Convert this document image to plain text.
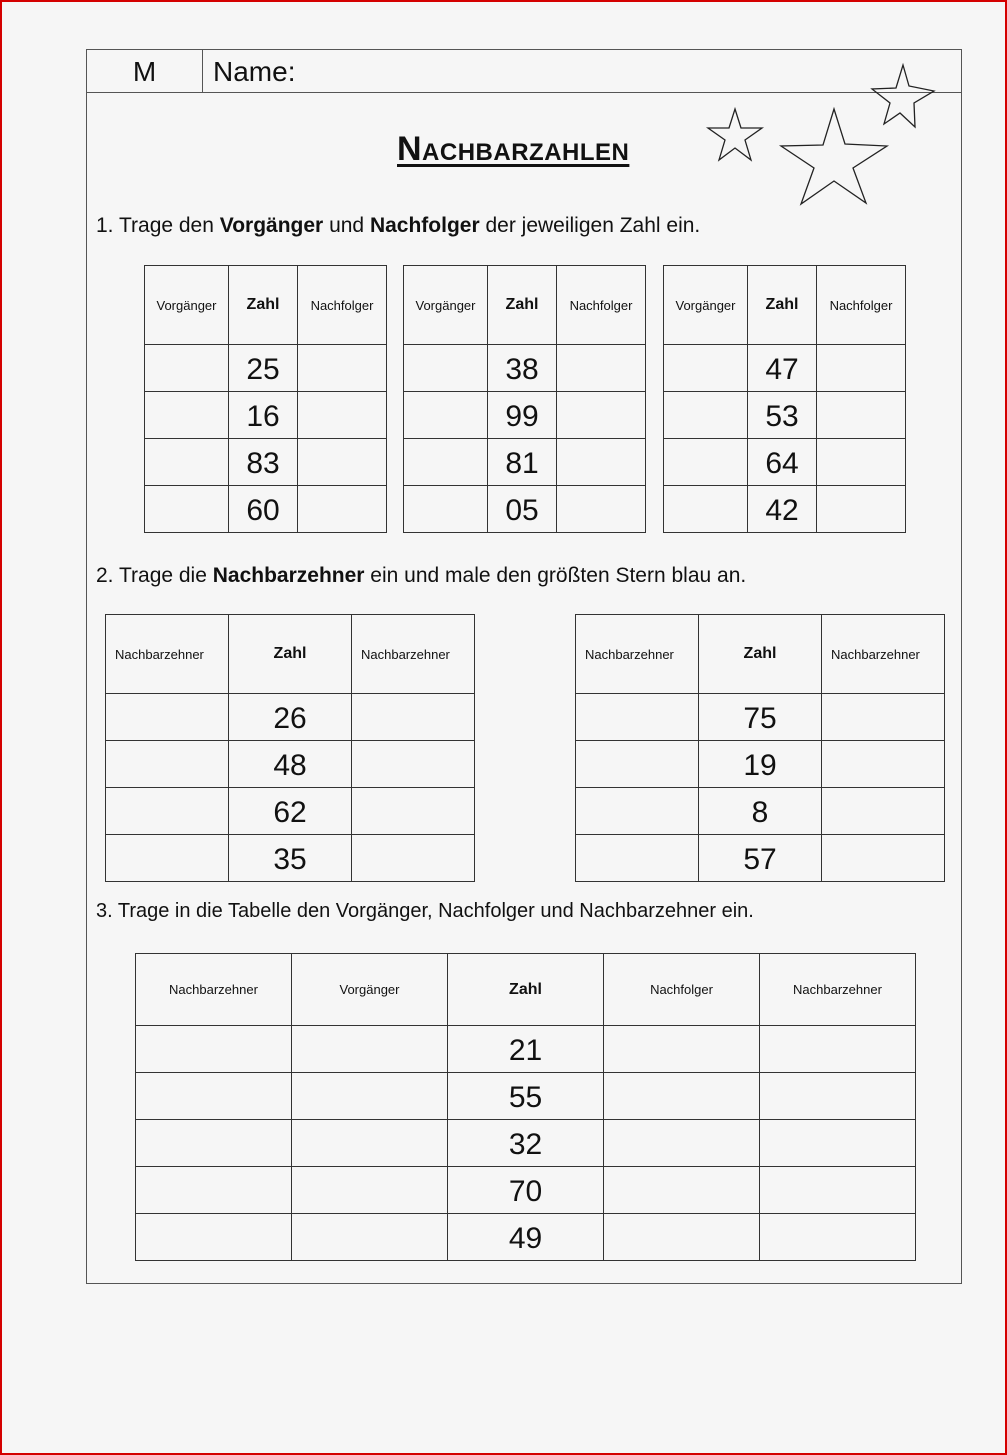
M	Name:
Nachbarzahlen
1. Trage den Vorgänger und Nachfolger der jeweiligen Zahl ein.
Vorgänger	Zahl	Nachfolger
	25	
	16	
	83	
	60	
Vorgänger	Zahl	Nachfolger
	38	
	99	
	81	
	05	
Vorgänger	Zahl	Nachfolger
	47	
	53	
	64	
	42	
2. Trage die Nachbarzehner ein und male den größten Stern blau an.
Nachbarzehner	Zahl	Nachbarzehner
	26	
	48	
	62	
	35	
Nachbarzehner	Zahl	Nachbarzehner
	75	
	19	
	8	
	57	
3. Trage in die Tabelle den Vorgänger, Nachfolger und Nachbarzehner ein.
Nachbarzehner	Vorgänger	Zahl	Nachfolger	Nachbarzehner
		21		
		55		
		32		
		70		
		49		
